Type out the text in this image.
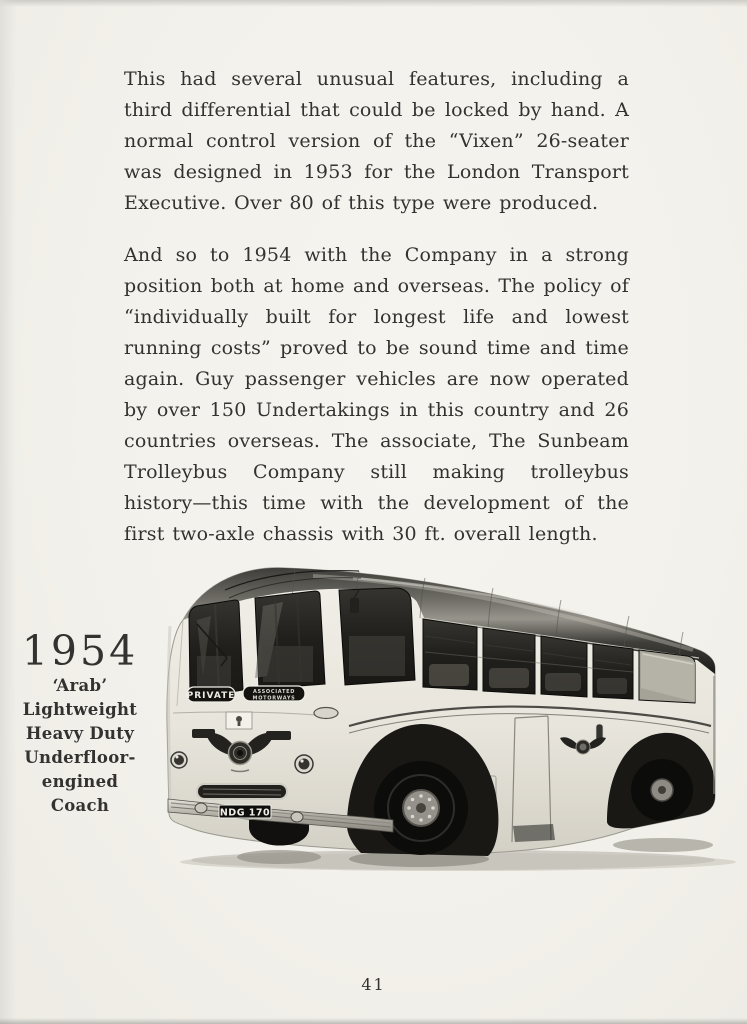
This had several unusual features, including a third differential that could be locked by hand. A normal control version of the “Vixen” 26-seater was designed in 1953 for the London Transport Executive. Over 80 of this type were produced.

And so to 1954 with the Company in a strong position both at home and overseas. The policy of “individually built for longest life and lowest running costs” proved to be sound time and time again. Guy passenger vehicles are now operated by over 150 Undertakings in this country and 26 countries overseas. The associate, The Sunbeam Trolleybus Company still making trolleybus history—this time with the development of the first two-axle chassis with 30 ft. overall length.

1954
‘Arab’
Lightweight
Heavy Duty
Underfloor-engined
Coach
PRIVATE	ASSOCIATED
MOTORWAYS
NDG 170
41
